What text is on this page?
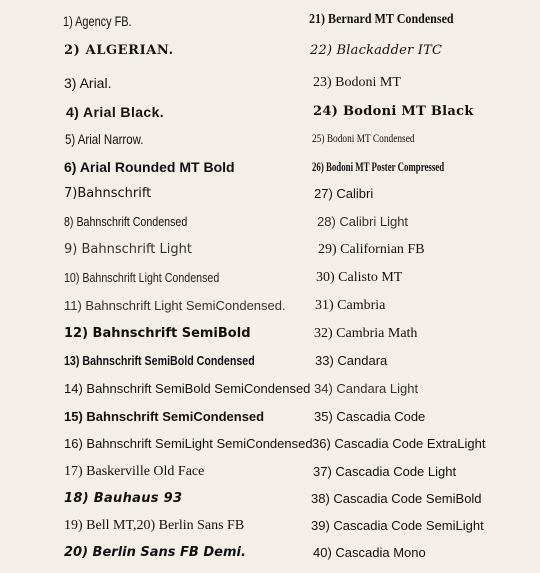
1) Agency FB.
2) ALGERIAN.
3) Arial.
4) Arial Black.
5) Arial Narrow.
6) Arial Rounded MT Bold
7)Bahnschrift
8) Bahnschrift Condensed
9) Bahnschrift Light
10) Bahnschrift Light Condensed
11) Bahnschrift Light SemiCondensed.
12) Bahnschrift SemiBold
13) Bahnschrift SemiBold Condensed
14) Bahnschrift SemiBold SemiCondensed
15) Bahnschrift SemiCondensed
16) Bahnschrift SemiLight SemiCondensed
17) Baskerville Old Face
18) Bauhaus 93
19) Bell MT,20) Berlin Sans FB
20) Berlin Sans FB Demi.
21) Bernard MT Condensed
22) Blackadder ITC
23) Bodoni MT
24) Bodoni MT Black
25) Bodoni MT Condensed
26) Bodoni MT Poster Compressed
27) Calibri
28) Calibri Light
29) Californian FB
30) Calisto MT
31) Cambria
32) Cambria Math
33) Candara
34) Candara Light
35) Cascadia Code
36) Cascadia Code ExtraLight
37) Cascadia Code Light
38) Cascadia Code SemiBold
39) Cascadia Code SemiLight
40) Cascadia Mono
